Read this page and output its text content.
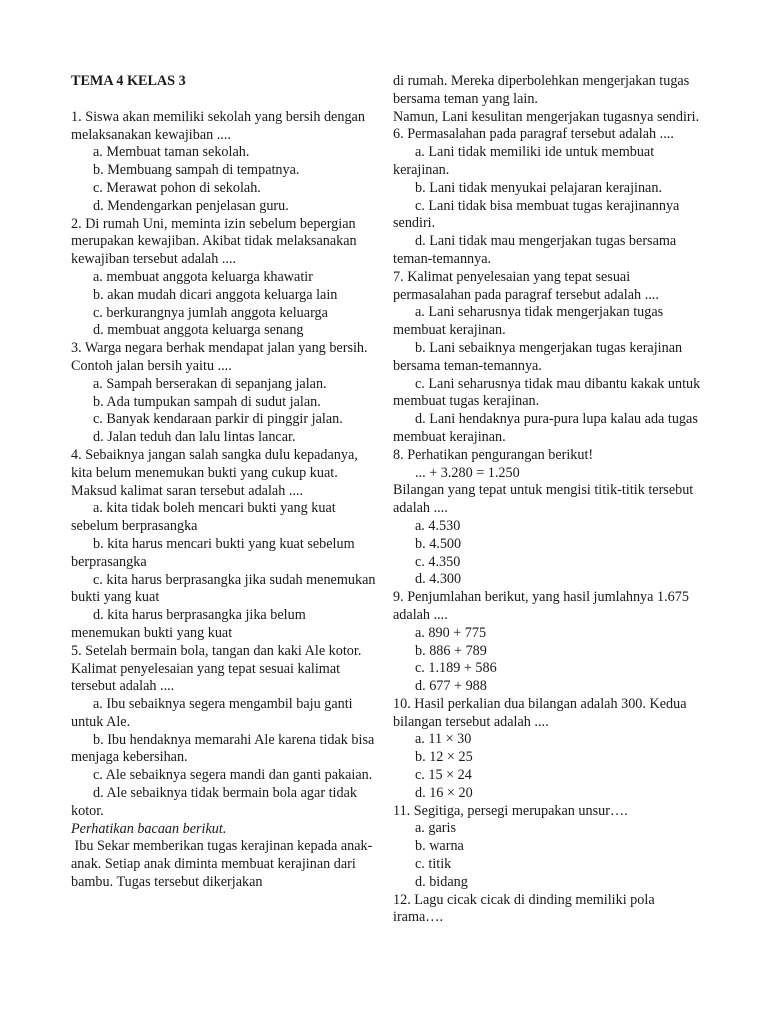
TEMA 4 KELAS 3
1. Siswa akan memiliki sekolah yang bersih dengan melaksanakan kewajiban ....
a. Membuat taman sekolah.
b. Membuang sampah di tempatnya.
c. Merawat pohon di sekolah.
d. Mendengarkan penjelasan guru.
2. Di rumah Uni, meminta izin sebelum bepergian merupakan kewajiban. Akibat tidak melaksanakan kewajiban tersebut adalah ....
a. membuat anggota keluarga khawatir
b. akan mudah dicari anggota keluarga lain
c. berkurangnya jumlah anggota keluarga
d. membuat anggota keluarga senang
3. Warga negara berhak mendapat jalan yang bersih. Contoh jalan bersih yaitu ....
a. Sampah berserakan di sepanjang jalan.
b. Ada tumpukan sampah di sudut jalan.
c. Banyak kendaraan parkir di pinggir jalan.
d. Jalan teduh dan lalu lintas lancar.
4. Sebaiknya jangan salah sangka dulu kepadanya, kita belum menemukan bukti yang cukup kuat.
Maksud kalimat saran tersebut adalah ....
a. kita tidak boleh mencari bukti yang kuat sebelum berprasangka
b. kita harus mencari bukti yang kuat sebelum berprasangka
c. kita harus berprasangka jika sudah menemukan bukti yang kuat
d. kita harus berprasangka jika belum menemukan bukti yang kuat
5. Setelah bermain bola, tangan dan kaki Ale kotor.
Kalimat penyelesaian yang tepat sesuai kalimat tersebut adalah ....
a. Ibu sebaiknya segera mengambil baju ganti untuk Ale.
b. Ibu hendaknya memarahi Ale karena tidak bisa menjaga kebersihan.
c. Ale sebaiknya segera mandi dan ganti pakaian.
d. Ale sebaiknya tidak bermain bola agar tidak kotor.
Perhatikan bacaan berikut.
Ibu Sekar memberikan tugas kerajinan kepada anak-anak. Setiap anak diminta membuat kerajinan dari bambu. Tugas tersebut dikerjakan
di rumah. Mereka diperbolehkan mengerjakan tugas bersama teman yang lain.
Namun, Lani kesulitan mengerjakan tugasnya sendiri.
6. Permasalahan pada paragraf tersebut adalah ....
a. Lani tidak memiliki ide untuk membuat kerajinan.
b. Lani tidak menyukai pelajaran kerajinan.
c. Lani tidak bisa membuat tugas kerajinannya sendiri.
d. Lani tidak mau mengerjakan tugas bersama teman-temannya.
7. Kalimat penyelesaian yang tepat sesuai permasalahan pada paragraf tersebut adalah ....
a. Lani seharusnya tidak mengerjakan tugas membuat kerajinan.
b. Lani sebaiknya mengerjakan tugas kerajinan bersama teman-temannya.
c. Lani seharusnya tidak mau dibantu kakak untuk membuat tugas kerajinan.
d. Lani hendaknya pura-pura lupa kalau ada tugas membuat kerajinan.
8. Perhatikan pengurangan berikut!
... + 3.280 = 1.250
Bilangan yang tepat untuk mengisi titik-titik tersebut adalah ....
a. 4.530
b. 4.500
c. 4.350
d. 4.300
9. Penjumlahan berikut, yang hasil jumlahnya 1.675 adalah ....
a. 890 + 775
b. 886 + 789
c. 1.189 + 586
d. 677 + 988
10. Hasil perkalian dua bilangan adalah 300. Kedua bilangan tersebut adalah ....
a. 11 × 30
b. 12 × 25
c. 15 × 24
d. 16 × 20
11. Segitiga, persegi merupakan unsur….
a. garis
b. warna
c. titik
d. bidang
12. Lagu cicak cicak di dinding memiliki pola irama….
